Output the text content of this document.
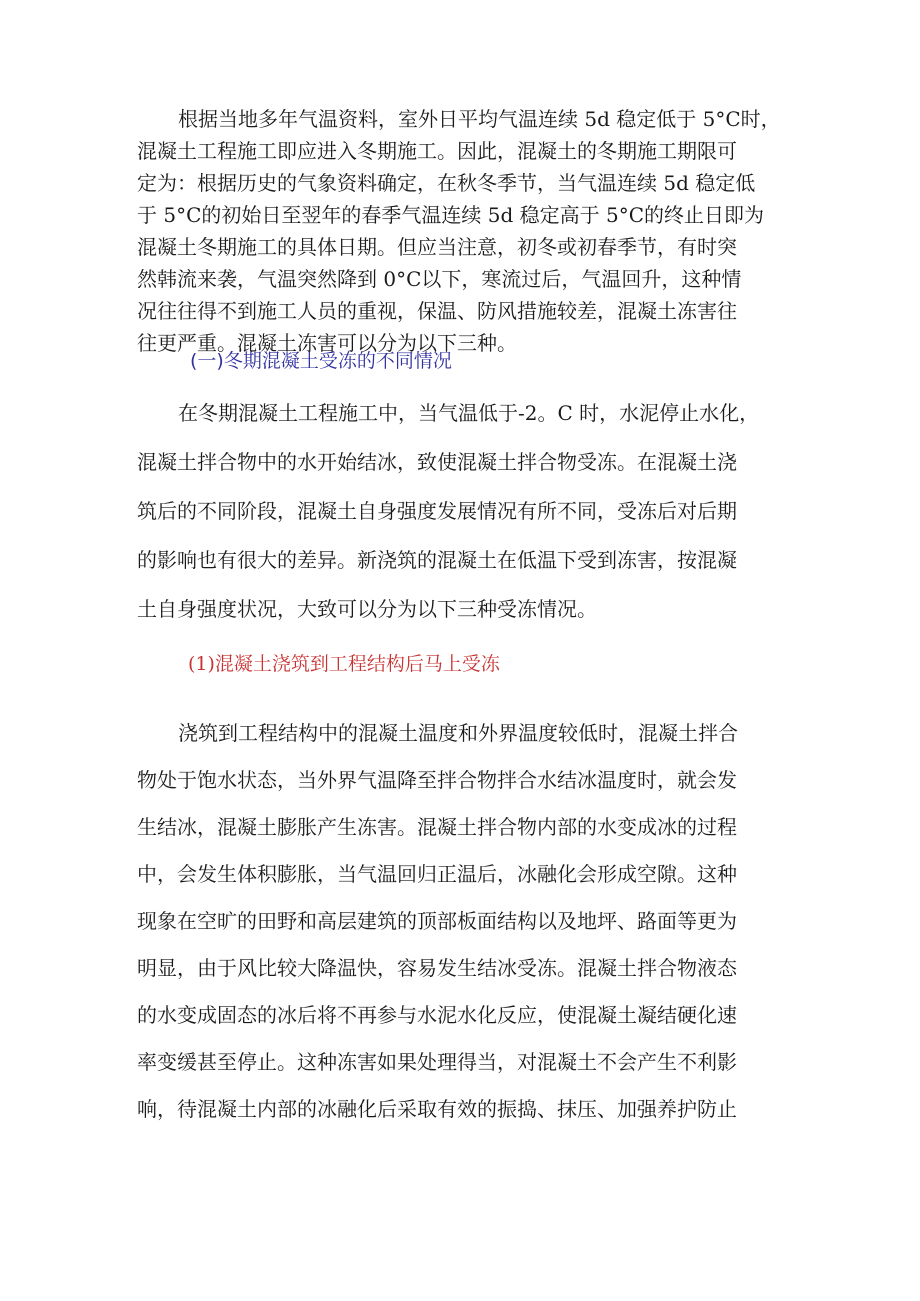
根据当地多年气温资料，室外日平均气温连续 5d 稳定低于 5°C时，

混凝土工程施工即应进入冬期施工。因此，混凝土的冬期施工期限可

定为：根据历史的气象资料确定，在秋冬季节，当气温连续 5d 稳定低

于 5°C的初始日至翌年的春季气温连续 5d 稳定高于 5°C的终止日即为

混凝土冬期施工的具体日期。但应当注意，初冬或初春季节，有时突

然韩流来袭，气温突然降到 0°C以下，寒流过后，气温回升，这种情

况往往得不到施工人员的重视，保温、防风措施较差，混凝土冻害往

往更严重。混凝土冻害可以分为以下三种。

(一)冬期混凝土受冻的不同情况

在冬期混凝土工程施工中，当气温低于-2。C 时，水泥停止水化，

混凝土拌合物中的水开始结冰，致使混凝土拌合物受冻。在混凝土浇

筑后的不同阶段，混凝土自身强度发展情况有所不同，受冻后对后期

的影响也有很大的差异。新浇筑的混凝土在低温下受到冻害，按混凝

土自身强度状况，大致可以分为以下三种受冻情况。

(1)混凝土浇筑到工程结构后马上受冻

浇筑到工程结构中的混凝土温度和外界温度较低时，混凝土拌合

物处于饱水状态，当外界气温降至拌合物拌合水结冰温度时，就会发

生结冰，混凝土膨胀产生冻害。混凝土拌合物内部的水变成冰的过程

中，会发生体积膨胀，当气温回归正温后，冰融化会形成空隙。这种

现象在空旷的田野和高层建筑的顶部板面结构以及地坪、路面等更为

明显，由于风比较大降温快，容易发生结冰受冻。混凝土拌合物液态

的水变成固态的冰后将不再参与水泥水化反应，使混凝土凝结硬化速

率变缓甚至停止。这种冻害如果处理得当，对混凝土不会产生不利影

响，待混凝土内部的冰融化后采取有效的振捣、抹压、加强养护防止
